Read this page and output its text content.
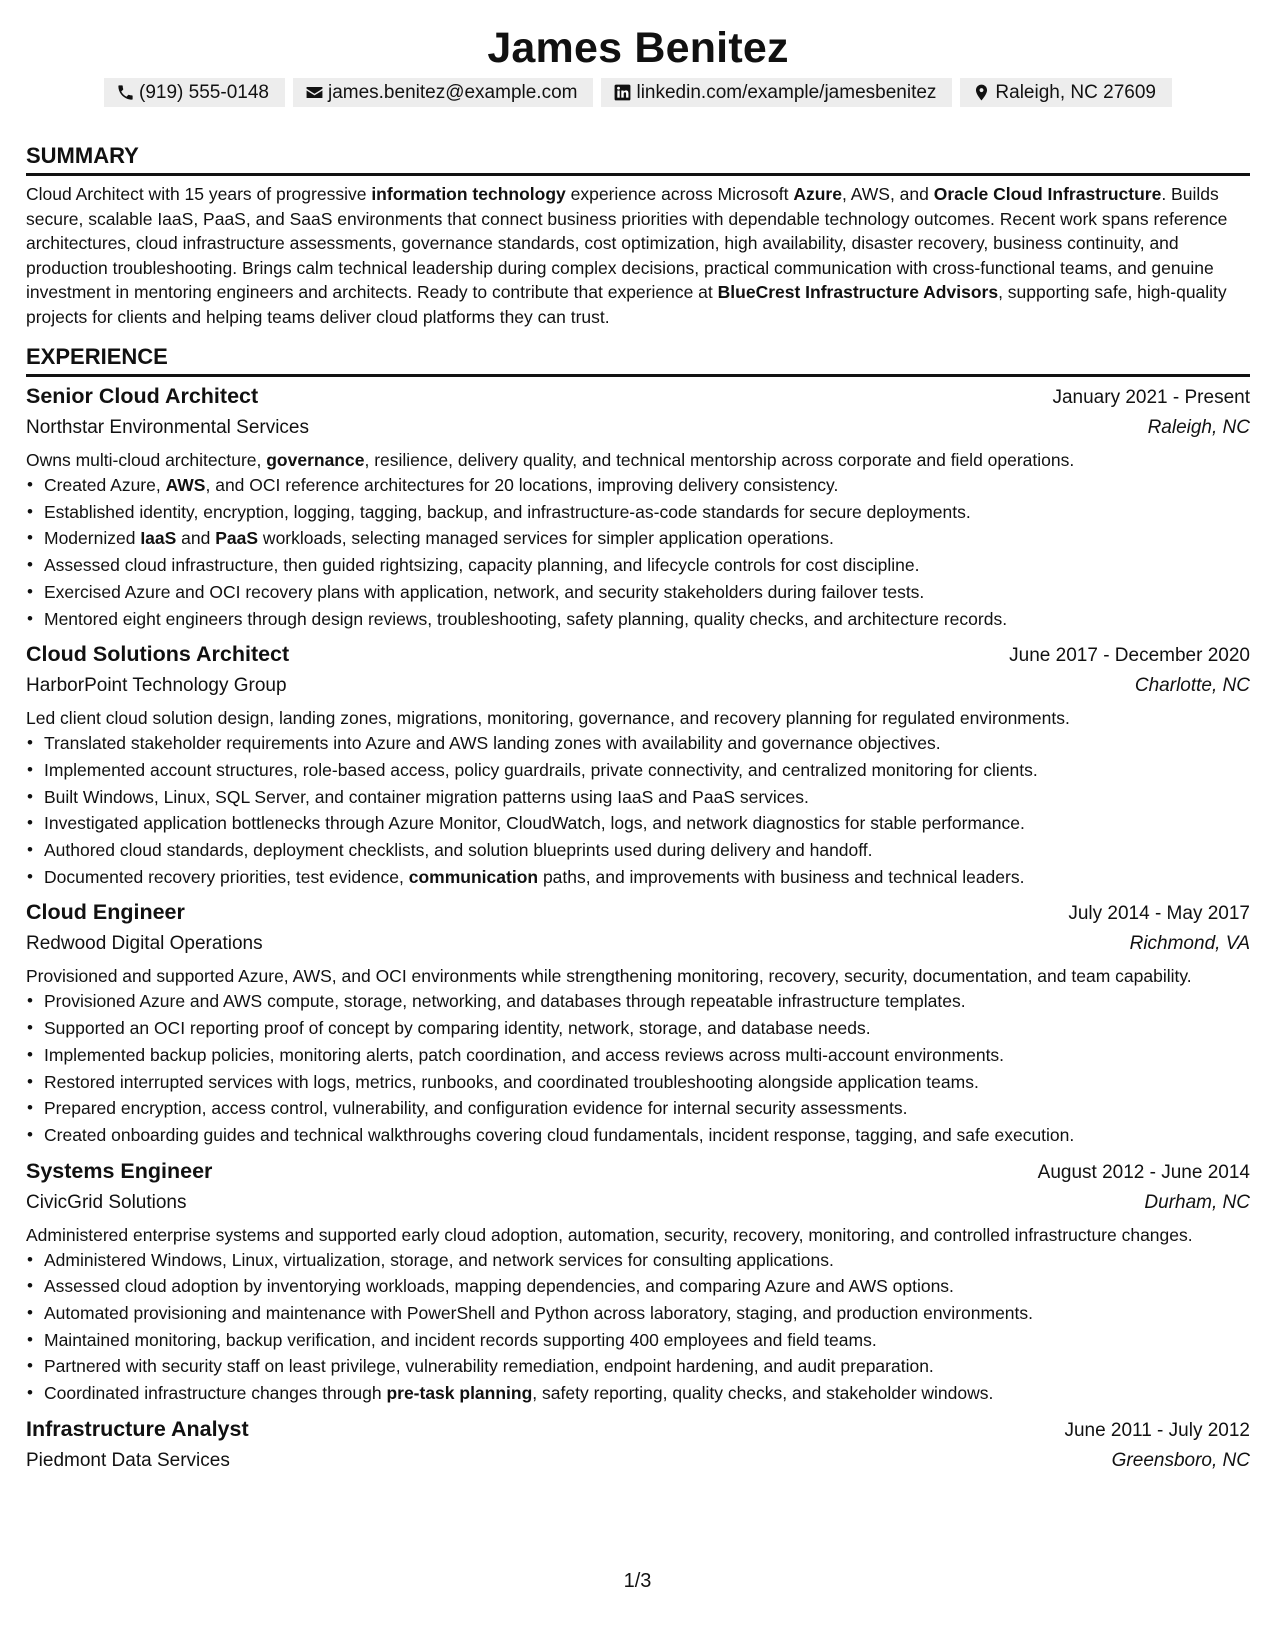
James Benitez
(919) 555-0148	james.benitez@example.com	linkedin.com/example/jamesbenitez	Raleigh, NC 27609
SUMMARY

Cloud Architect with 15 years of progressive information technology experience across Microsoft Azure, AWS, and Oracle Cloud Infrastructure. Builds secure, scalable IaaS, PaaS, and SaaS environments that connect business priorities with dependable technology outcomes. Recent work spans reference architectures, cloud infrastructure assessments, governance standards, cost optimization, high availability, disaster recovery, business continuity, and production troubleshooting. Brings calm technical leadership during complex decisions, practical communication with cross-functional teams, and genuine investment in mentoring engineers and architects. Ready to contribute that experience at BlueCrest Infrastructure Advisors, supporting safe, high-quality projects for clients and helping teams deliver cloud platforms they can trust.

EXPERIENCE
Senior Cloud Architect	January 2021 - Present
Northstar Environmental Services	Raleigh, NC

Owns multi-cloud architecture, governance, resilience, delivery quality, and technical mentorship across corporate and field operations.

• Created Azure, AWS, and OCI reference architectures for 20 locations, improving delivery consistency.
• Established identity, encryption, logging, tagging, backup, and infrastructure-as-code standards for secure deployments.
• Modernized IaaS and PaaS workloads, selecting managed services for simpler application operations.
• Assessed cloud infrastructure, then guided rightsizing, capacity planning, and lifecycle controls for cost discipline.
• Exercised Azure and OCI recovery plans with application, network, and security stakeholders during failover tests.
• Mentored eight engineers through design reviews, troubleshooting, safety planning, quality checks, and architecture records.
Cloud Solutions Architect	June 2017 - December 2020
HarborPoint Technology Group	Charlotte, NC

Led client cloud solution design, landing zones, migrations, monitoring, governance, and recovery planning for regulated environments.

• Translated stakeholder requirements into Azure and AWS landing zones with availability and governance objectives.
• Implemented account structures, role-based access, policy guardrails, private connectivity, and centralized monitoring for clients.
• Built Windows, Linux, SQL Server, and container migration patterns using IaaS and PaaS services.
• Investigated application bottlenecks through Azure Monitor, CloudWatch, logs, and network diagnostics for stable performance.
• Authored cloud standards, deployment checklists, and solution blueprints used during delivery and handoff.
• Documented recovery priorities, test evidence, communication paths, and improvements with business and technical leaders.
Cloud Engineer	July 2014 - May 2017
Redwood Digital Operations	Richmond, VA

Provisioned and supported Azure, AWS, and OCI environments while strengthening monitoring, recovery, security, documentation, and team capability.

• Provisioned Azure and AWS compute, storage, networking, and databases through repeatable infrastructure templates.
• Supported an OCI reporting proof of concept by comparing identity, network, storage, and database needs.
• Implemented backup policies, monitoring alerts, patch coordination, and access reviews across multi-account environments.
• Restored interrupted services with logs, metrics, runbooks, and coordinated troubleshooting alongside application teams.
• Prepared encryption, access control, vulnerability, and configuration evidence for internal security assessments.
• Created onboarding guides and technical walkthroughs covering cloud fundamentals, incident response, tagging, and safe execution.
Systems Engineer	August 2012 - June 2014
CivicGrid Solutions	Durham, NC

Administered enterprise systems and supported early cloud adoption, automation, security, recovery, monitoring, and controlled infrastructure changes.

• Administered Windows, Linux, virtualization, storage, and network services for consulting applications.
• Assessed cloud adoption by inventorying workloads, mapping dependencies, and comparing Azure and AWS options.
• Automated provisioning and maintenance with PowerShell and Python across laboratory, staging, and production environments.
• Maintained monitoring, backup verification, and incident records supporting 400 employees and field teams.
• Partnered with security staff on least privilege, vulnerability remediation, endpoint hardening, and audit preparation.
• Coordinated infrastructure changes through pre-task planning, safety reporting, quality checks, and stakeholder windows.
Infrastructure Analyst	June 2011 - July 2012
Piedmont Data Services	Greensboro, NC
1/3
